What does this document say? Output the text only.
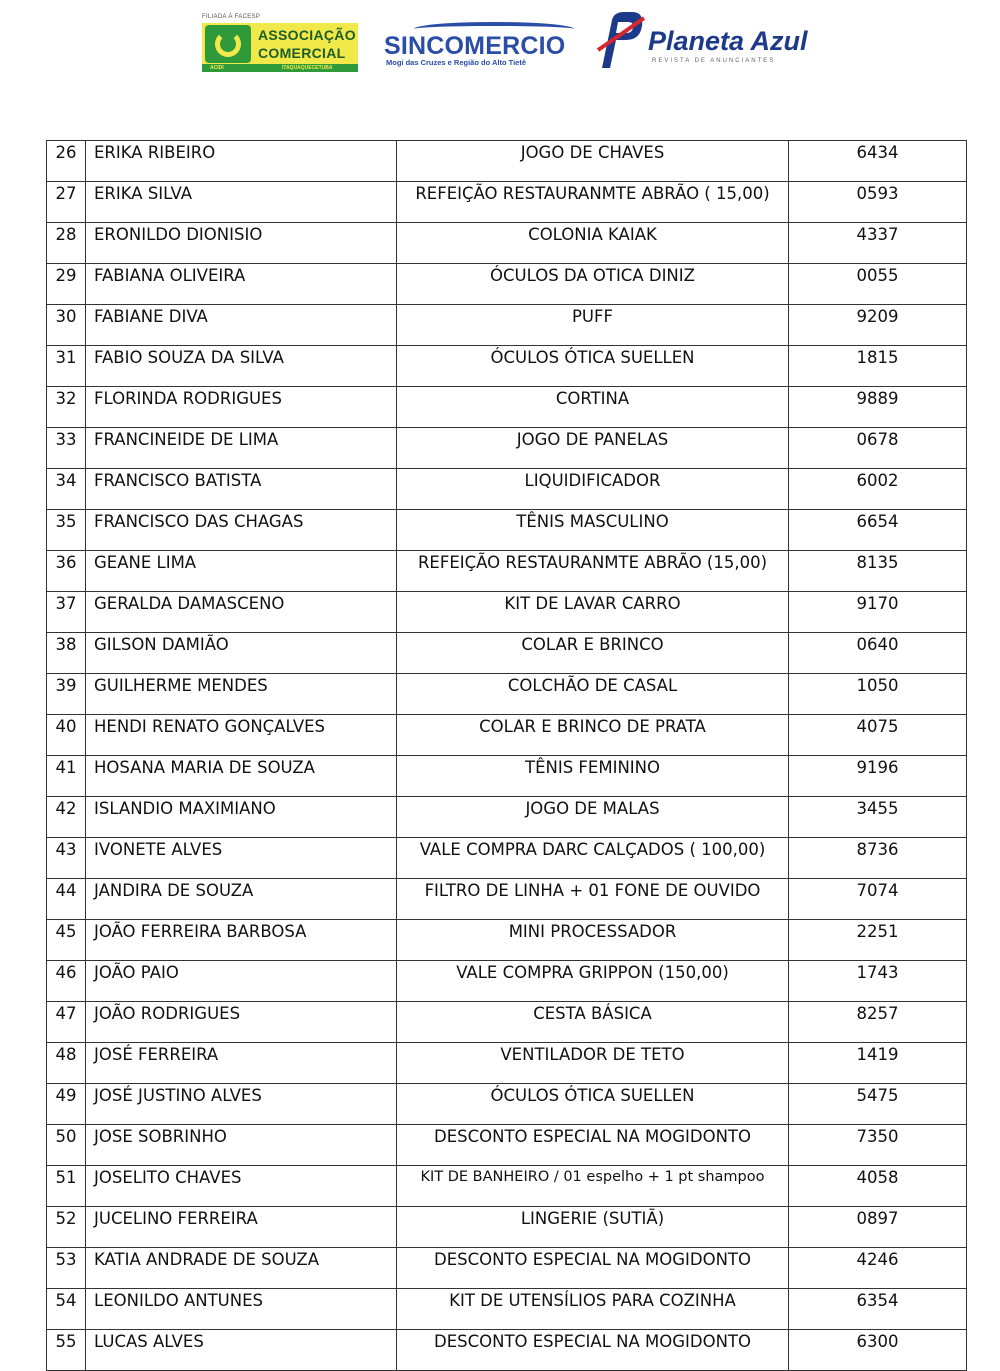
FILIADA À FACESP
ASSOCIAÇÃO
COMERCIAL
ACIDI	ITAQUAQUECETUBA
SINCOMERCIO
Mogi das Cruzes e Região do Alto Tietê
Planeta Azul
REVISTA DE ANUNCIANTES
26	ERIKA RIBEIRO	JOGO DE CHAVES	6434
27	ERIKA SILVA	REFEIÇÃO RESTAURANMTE ABRÃO ( 15,00)	0593
28	ERONILDO DIONISIO	COLONIA KAIAK	4337
29	FABIANA OLIVEIRA	ÓCULOS DA OTICA DINIZ	0055
30	FABIANE DIVA	PUFF	9209
31	FABIO SOUZA DA SILVA	ÓCULOS ÓTICA SUELLEN	1815
32	FLORINDA RODRIGUES	CORTINA	9889
33	FRANCINEIDE DE LIMA	JOGO DE PANELAS	0678
34	FRANCISCO BATISTA	LIQUIDIFICADOR	6002
35	FRANCISCO DAS CHAGAS	TÊNIS MASCULINO	6654
36	GEANE LIMA	REFEIÇÃO RESTAURANMTE ABRÃO (15,00)	8135
37	GERALDA DAMASCENO	KIT DE LAVAR CARRO	9170
38	GILSON DAMIÃO	COLAR E BRINCO	0640
39	GUILHERME MENDES	COLCHÃO DE CASAL	1050
40	HENDI RENATO GONÇALVES	COLAR E BRINCO DE PRATA	4075
41	HOSANA MARIA DE SOUZA	TÊNIS FEMININO	9196
42	ISLANDIO MAXIMIANO	JOGO DE MALAS	3455
43	IVONETE ALVES	VALE COMPRA DARC CALÇADOS ( 100,00)	8736
44	JANDIRA DE SOUZA	FILTRO DE LINHA + 01 FONE DE OUVIDO	7074
45	JOÃO FERREIRA BARBOSA	MINI PROCESSADOR	2251
46	JOÃO PAIO	VALE COMPRA GRIPPON (150,00)	1743
47	JOÃO RODRIGUES	CESTA BÁSICA	8257
48	JOSÉ FERREIRA	VENTILADOR DE TETO	1419
49	JOSÉ JUSTINO ALVES	ÓCULOS ÓTICA SUELLEN	5475
50	JOSE SOBRINHO	DESCONTO ESPECIAL NA MOGIDONTO	7350
51	JOSELITO CHAVES	KIT DE BANHEIRO / 01 espelho + 1 pt shampoo	4058
52	JUCELINO FERREIRA	LINGERIE (SUTIÃ)	0897
53	KATIA ANDRADE DE SOUZA	DESCONTO ESPECIAL NA MOGIDONTO	4246
54	LEONILDO ANTUNES	KIT DE UTENSÍLIOS PARA COZINHA	6354
55	LUCAS ALVES	DESCONTO ESPECIAL NA MOGIDONTO	6300
